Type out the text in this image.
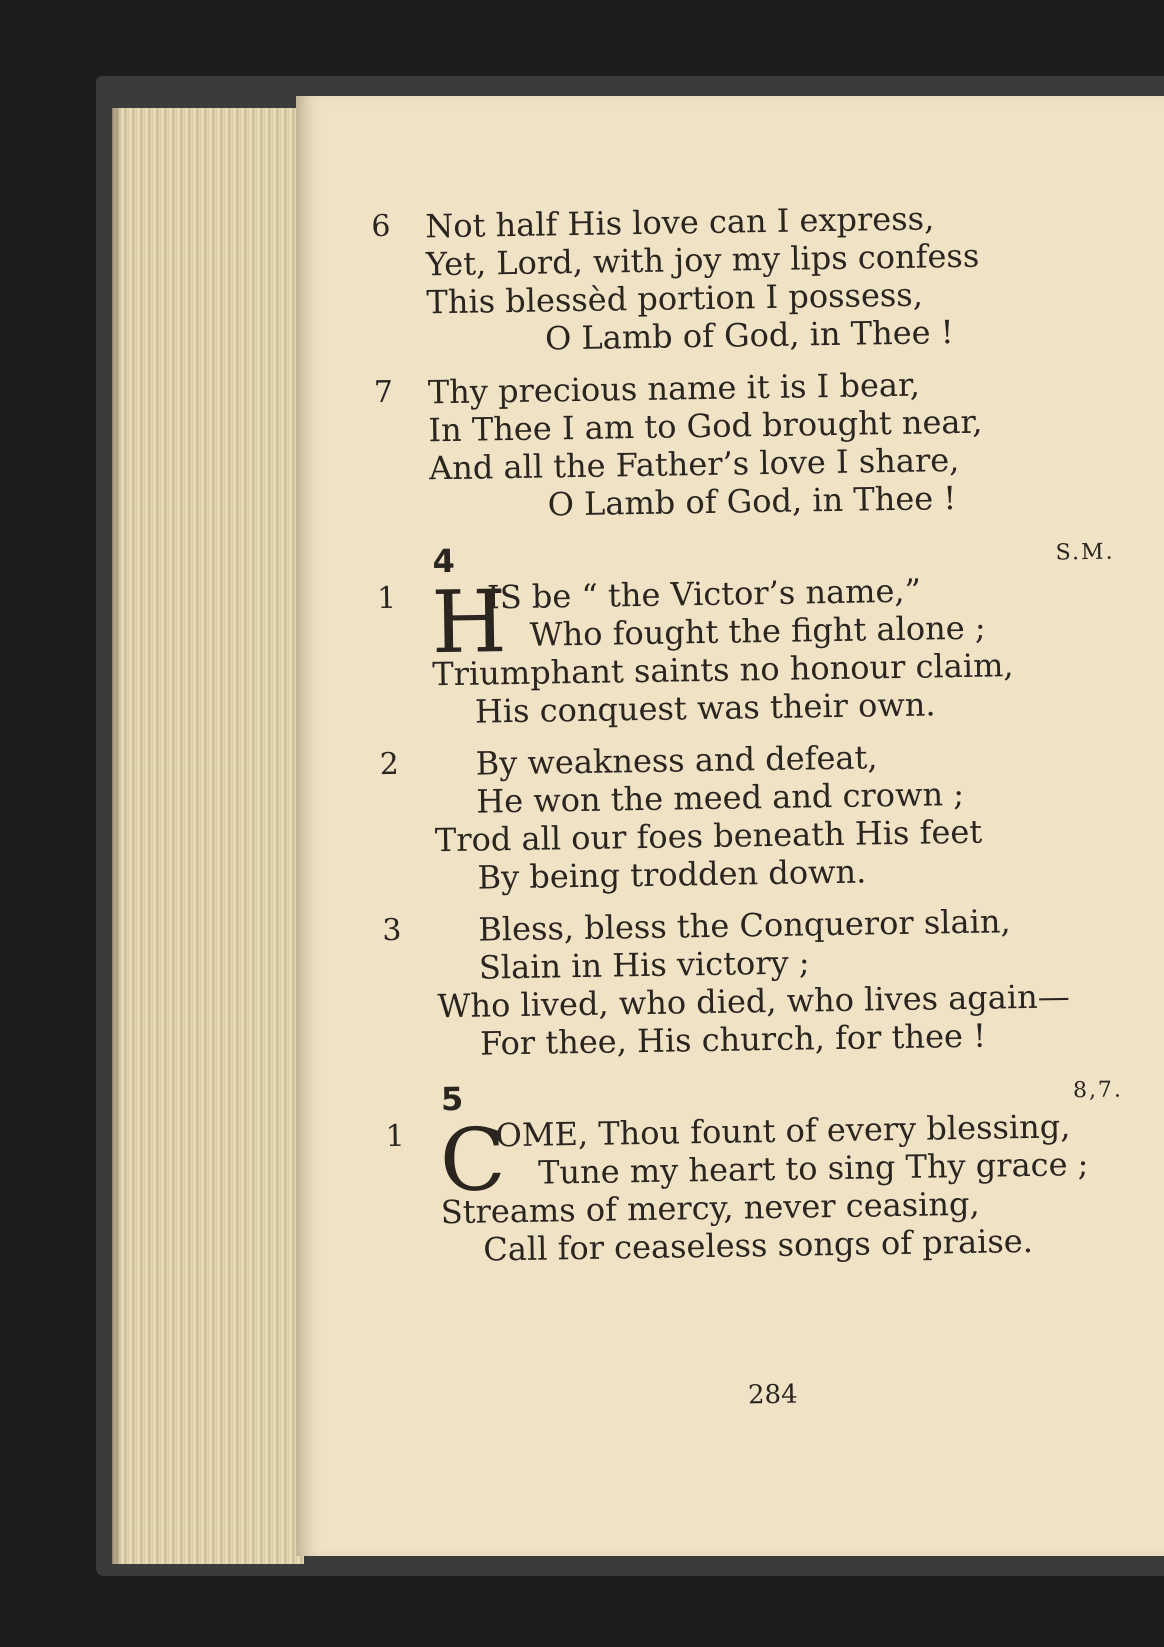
6	Not half His love can I express,
Yet, Lord, with joy my lips confess
This blessèd portion I possess,
O Lamb of God, in Thee !
7	Thy precious name it is I bear,
In Thee I am to God brought near,
And all the Father’s love I share,
O Lamb of God, in Thee !
4	S.M.
1 H
IS be “ the Victor’s name,”
Who fought the fight alone ;
Triumphant saints no honour claim,
His conquest was their own.
2	By weakness and defeat,
He won the meed and crown ;
Trod all our foes beneath His feet
By being trodden down.
3	Bless, bless the Conqueror slain,
Slain in His victory ;
Who lived, who died, who lives again—
For thee, His church, for thee !
5	8,7.
1 C
OME, Thou fount of every blessing,
Tune my heart to sing Thy grace ;
Streams of mercy, never ceasing,
Call for ceaseless songs of praise.
284
